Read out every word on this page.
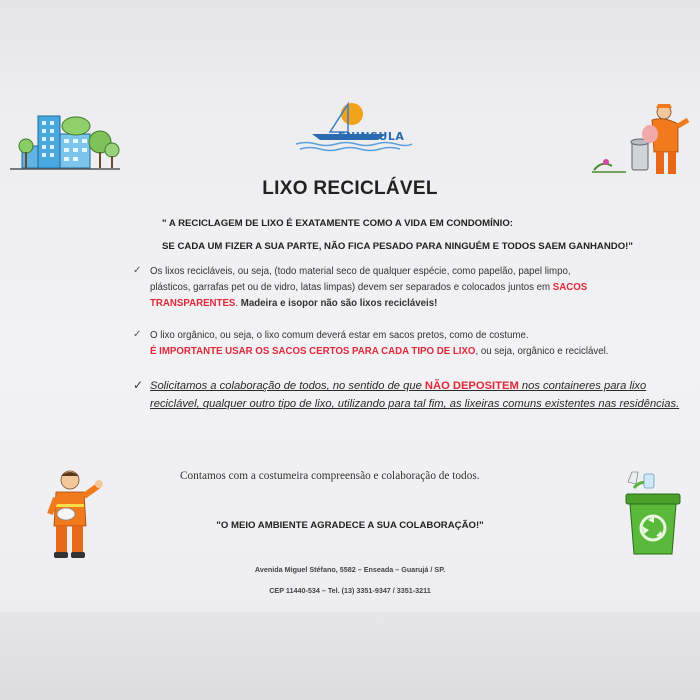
ENINSULA
LIXO RECICLÁVEL
" A RECICLAGEM DE LIXO É EXATAMENTE COMO A VIDA EM CONDOMÍNIO:
SE CADA UM FIZER A SUA PARTE, NÃO FICA PESADO PARA NINGUÉM E TODOS SAEM GANHANDO!"
✓ Os lixos recicláveis, ou seja, (todo material seco de qualquer espécie, como papelão, papel limpo, plásticos, garrafas pet ou de vidro, latas limpas) devem ser separados e colocados juntos em SACOS TRANSPARENTES. Madeira e isopor não são lixos recicláveis!
✓ O lixo orgânico, ou seja, o lixo comum deverá estar em sacos pretos, como de costume.
É IMPORTANTE USAR OS SACOS CERTOS PARA CADA TIPO DE LIXO, ou seja, orgânico e reciclável.
✓ Solicitamos a colaboração de todos, no sentido de que NÃO DEPOSITEM nos containeres para lixo reciclável, qualquer outro tipo de lixo, utilizando para tal fim, as lixeiras comuns existentes nas residências.
Contamos com a costumeira compreensão e colaboração de todos.
"O MEIO AMBIENTE AGRADECE A SUA COLABORAÇÃO!"
Avenida Miguel Stéfano, 5582 – Enseada – Guarujá / SP.
CEP 11440-534 – Tel. (13) 3351-9347 / 3351-3211
